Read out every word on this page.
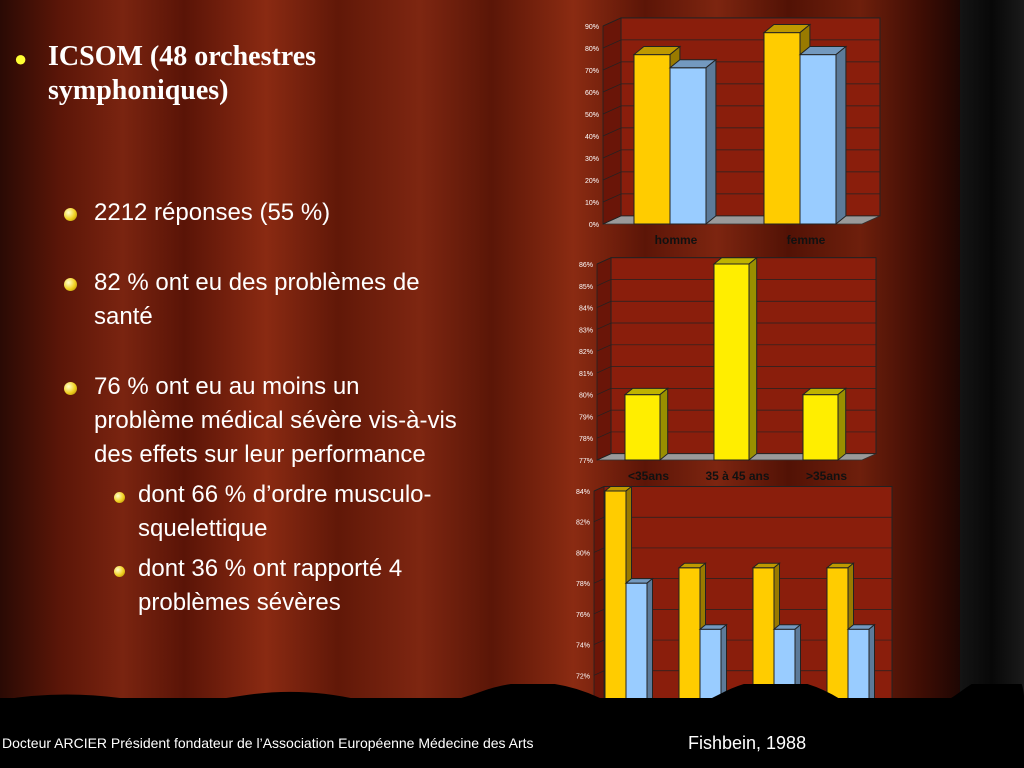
● ICSOM (48 orchestres symphoniques)
2212 réponses (55 %)
82 % ont eu des problèmes de santé
76 % ont eu au moins un problème médical sévère vis-à-vis des effets sur leur performance
dont 66 % d’ordre musculo-squelettique
dont 36 % ont rapporté 4 problèmes sévères
0%
10%
20%
30%
40%
50%
60%
70%
80%
90%
homme	femme
77%
78%
79%
80%
81%
82%
83%
84%
85%
86%
<35ans	35 à 45 ans	>35ans
72%
74%
76%
78%
80%
82%
84%
Docteur ARCIER Président fondateur de l’Association Européenne Médecine des Arts	Fishbein, 1988
